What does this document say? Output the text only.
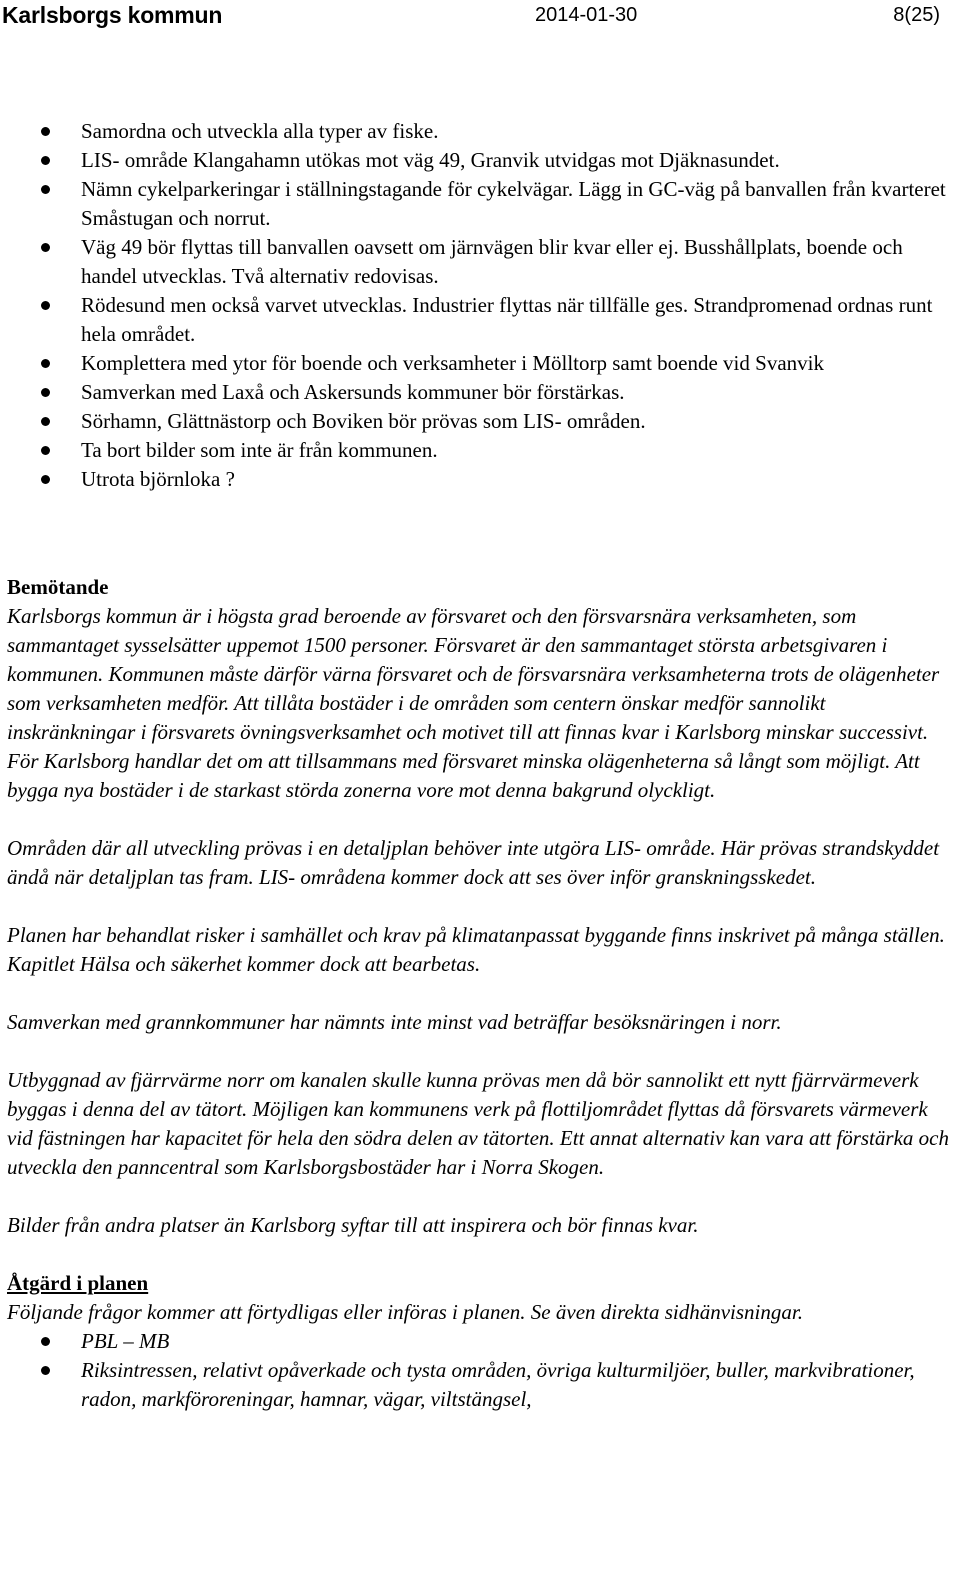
Karlsborgs kommun	2014-01-30	8(25)
Samordna och utveckla alla typer av fiske.
LIS- område Klangahamn utökas mot väg 49, Granvik utvidgas mot Djäknasundet.
Nämn cykelparkeringar i ställningstagande för cykelvägar. Lägg in GC-väg på banvallen från kvarteret Småstugan och norrut.
Väg 49 bör flyttas till banvallen oavsett om järnvägen blir kvar eller ej. Busshållplats, boende och handel utvecklas. Två alternativ redovisas.
Rödesund men också varvet utvecklas. Industrier flyttas när tillfälle ges. Strandpromenad ordnas runt hela området.
Komplettera med ytor för boende och verksamheter i Mölltorp samt boende vid Svanvik
Samverkan med Laxå och Askersunds kommuner bör förstärkas.
Sörhamn, Glättnästorp och Boviken bör prövas som LIS- områden.
Ta bort bilder som inte är från kommunen.
Utrota björnloka ?

Bemötande

Karlsborgs kommun är i högsta grad beroende av försvaret och den försvarsnära verksamheten, som sammantaget sysselsätter uppemot 1500 personer. Försvaret är den sammantaget största arbetsgivaren i kommunen. Kommunen måste därför värna försvaret och de försvarsnära verksamheterna trots de olägenheter som verksamheten medför. Att tillåta bostäder i de områden som centern önskar medför sannolikt inskränkningar i försvarets övningsverksamhet och motivet till att finnas kvar i Karlsborg minskar successivt. För Karlsborg handlar det om att tillsammans med försvaret minska olägenheterna så långt som möjligt. Att bygga nya bostäder i de starkast störda zonerna vore mot denna bakgrund olyckligt.

Områden där all utveckling prövas i en detaljplan behöver inte utgöra LIS- område. Här prövas strandskyddet ändå när detaljplan tas fram. LIS- områdena kommer dock att ses över inför granskningsskedet.

Planen har behandlat risker i samhället och krav på klimatanpassat byggande finns inskrivet på många ställen. Kapitlet Hälsa och säkerhet kommer dock att bearbetas.

Samverkan med grannkommuner har nämnts inte minst vad beträffar besöksnäringen i norr.

Utbyggnad av fjärrvärme norr om kanalen skulle kunna prövas men då bör sannolikt ett nytt fjärrvärmeverk byggas i denna del av tätort. Möjligen kan kommunens verk på flottiljområdet flyttas då försvarets värmeverk vid fästningen har kapacitet för hela den södra delen av tätorten. Ett annat alternativ kan vara att förstärka och utveckla den panncentral som Karlsborgsbostäder har i Norra Skogen.

Bilder från andra platser än Karlsborg syftar till att inspirera och bör finnas kvar.

Åtgärd i planen

Följande frågor kommer att förtydligas eller införas i planen. Se även direkta sidhänvisningar.

PBL – MB
Riksintressen, relativt opåverkade och tysta områden, övriga kulturmiljöer, buller, markvibrationer, radon, markföroreningar, hamnar, vägar, viltstängsel,
